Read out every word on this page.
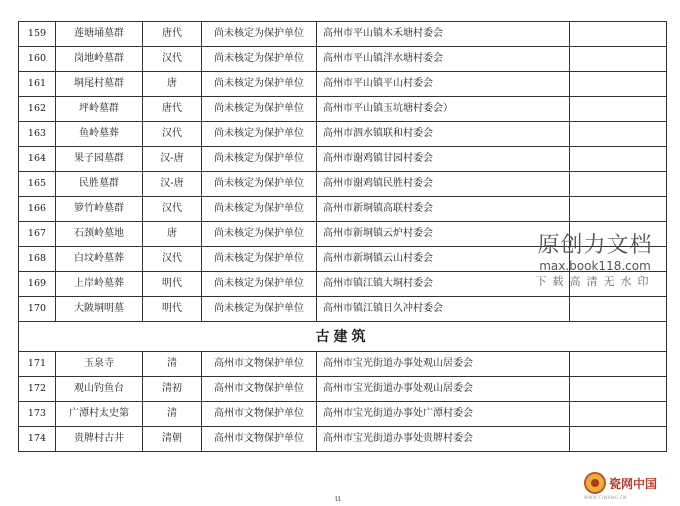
159	莲塘埇墓群	唐代	尚未核定为保护单位	高州市平山镇木禾塘村委会	
160	岗地岭墓群	汉代	尚未核定为保护单位	高州市平山镇泮水塘村委会	
161	垌尾村墓群	唐	尚未核定为保护单位	高州市平山镇平山村委会	
162	坪岭墓群	唐代	尚未核定为保护单位	高州市平山镇玉坑塘村委会）	
163	鱼岭墓葬	汉代	尚未核定为保护单位	高州市泗水镇联和村委会	
164	果子园墓群	汉-唐	尚未核定为保护单位	高州市谢鸡镇甘园村委会	
165	民胜墓群	汉-唐	尚未核定为保护单位	高州市谢鸡镇民胜村委会	
166	箩竹岭墓群	汉代	尚未核定为保护单位	高州市新垌镇高联村委会	
167	石颈岭墓地	唐	尚未核定为保护单位	高州市新垌镇云炉村委会	
168	白坟岭墓葬	汉代	尚未核定为保护单位	高州市新垌镇云山村委会	
169	上岸岭墓葬	明代	尚未核定为保护单位	高州市镇江镇大垌村委会	
170	大陂垌明墓	明代	尚未核定为保护单位	高州市镇江镇日久冲村委会	
古建筑					
171	玉泉寺	清	高州市文物保护单位	高州市宝光街道办事处观山居委会	
172	观山钓鱼台	清初	高州市文物保护单位	高州市宝光街道办事处观山居委会	
173	广潭村太史第	清	高州市文物保护单位	高州市宝光街道办事处广潭村委会	
174	贵牌村古井	清朝	高州市文物保护单位	高州市宝光街道办事处贵牌村委会	
原创力文档
max.book118.com
下载高清无水印
ιι
瓷网中国
WWW.CIWANG.CN
